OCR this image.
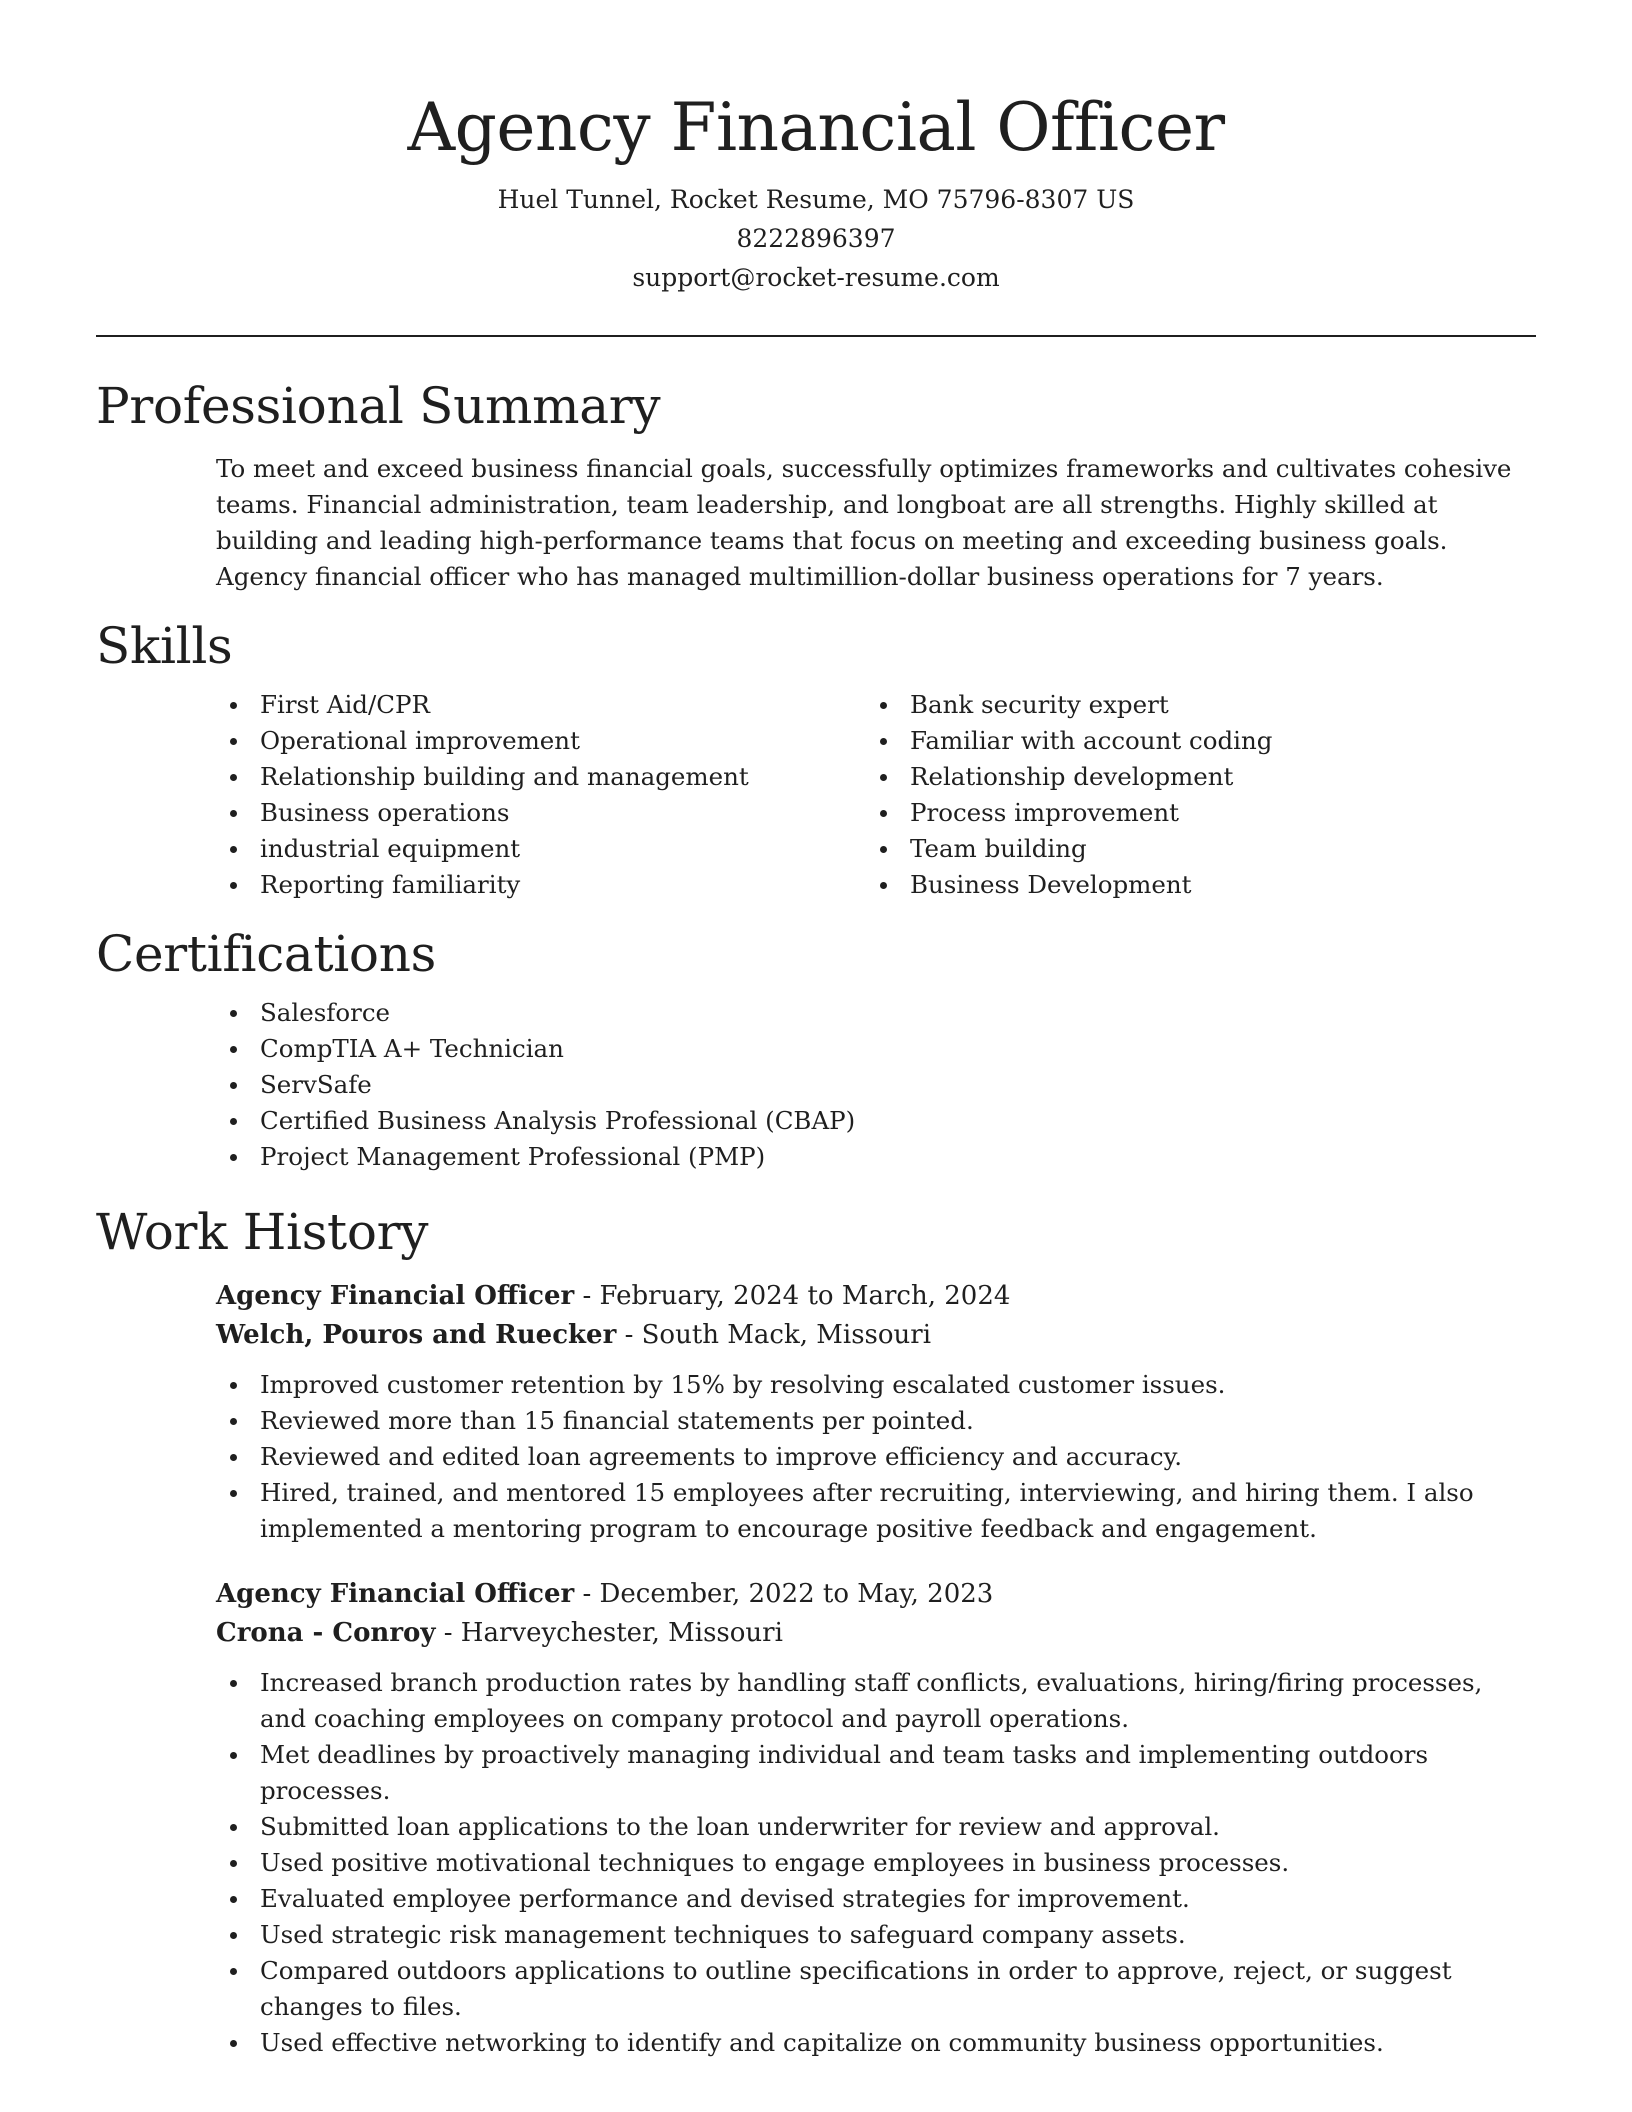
Agency Financial Officer
Huel Tunnel, Rocket Resume, MO 75796-8307 US
8222896397
support@rocket-resume.com
Professional Summary

To meet and exceed business financial goals, successfully optimizes frameworks and cultivates cohesive teams. Financial administration, team leadership, and longboat are all strengths. Highly skilled at building and leading high-performance teams that focus on meeting and exceeding business goals. Agency financial officer who has managed multimillion-dollar business operations for 7 years.

Skills
First Aid/CPR
Operational improvement
Relationship building and management
Business operations
industrial equipment
Reporting familiarity
Bank security expert
Familiar with account coding
Relationship development
Process improvement
Team building
Business Development
Certifications
Salesforce
CompTIA A+ Technician
ServSafe
Certified Business Analysis Professional (CBAP)
Project Management Professional (PMP)
Work History
Agency Financial Officer - February, 2024 to March, 2024
Welch, Pouros and Ruecker - South Mack, Missouri
Improved customer retention by 15% by resolving escalated customer issues.
Reviewed more than 15 financial statements per pointed.
Reviewed and edited loan agreements to improve efficiency and accuracy.
Hired, trained, and mentored 15 employees after recruiting, interviewing, and hiring them. I also implemented a mentoring program to encourage positive feedback and engagement.
Agency Financial Officer - December, 2022 to May, 2023
Crona - Conroy - Harveychester, Missouri
Increased branch production rates by handling staff conflicts, evaluations, hiring/firing processes, and coaching employees on company protocol and payroll operations.
Met deadlines by proactively managing individual and team tasks and implementing outdoors processes.
Submitted loan applications to the loan underwriter for review and approval.
Used positive motivational techniques to engage employees in business processes.
Evaluated employee performance and devised strategies for improvement.
Used strategic risk management techniques to safeguard company assets.
Compared outdoors applications to outline specifications in order to approve, reject, or suggest changes to files.
Used effective networking to identify and capitalize on community business opportunities.
